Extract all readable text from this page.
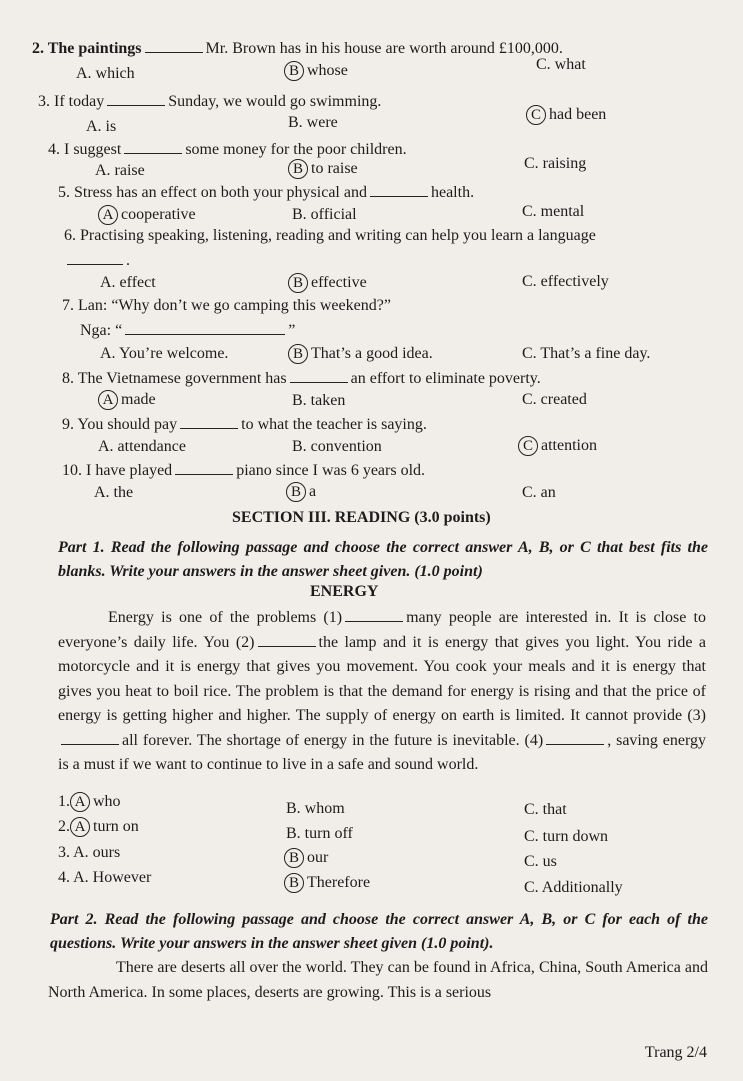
2. The paintings	Mr. Brown has in his house are worth around £100,000.
A. which	B whose	C. what
3. If today	Sunday, we would go swimming.
A. is	B. were	C had been
4. I suggest	some money for the poor children.
A. raise	B to raise	C. raising
5. Stress has an effect on both your physical and	health.
A cooperative	B. official	C. mental
6. Practising speaking, listening, reading and writing can help you learn a language
.
A. effect	B effective	C. effectively
7. Lan: “Why don’t we go camping this weekend?”
Nga: “	”
A. You’re welcome.	B That’s a good idea.	C. That’s a fine day.
8. The Vietnamese government has	an effort to eliminate poverty.
A made	B. taken	C. created
9. You should pay	to what the teacher is saying.
A. attendance	B. convention	C attention
10. I have played	piano since I was 6 years old.
A. the	B a	C. an
SECTION III. READING (3.0 points)
Part 1. Read the following passage and choose the correct answer A, B, or C that best fits the blanks. Write your answers in the answer sheet given. (1.0 point)
ENERGY

Energy is one of the problems (1)	many people are interested in. It is close to everyone’s daily life. You (2)	the lamp and it is energy that gives you light. You ride a motorcycle and it is energy that gives you movement. You cook your meals and it is energy that gives you heat to boil rice. The problem is that the demand for energy is rising and that the price of energy is getting higher and higher. The supply of energy on earth is limited. It cannot provide (3)all forever. The shortage of energy in the future is inevitable. (4)	, saving energy is a must if we want to continue to live in a safe and sound world.

1. A who	B. whom	C. that
2. A turn on	B. turn off	C. turn down
3. A. ours	B our	C. us
4. A. However	B Therefore	C. Additionally
Part 2. Read the following passage and choose the correct answer A, B, or C for each of the questions. Write your answers in the answer sheet given (1.0 point).

There are deserts all over the world. They can be found in Africa, China, South America and North America. In some places, deserts are growing. This is a serious

Trang 2/4
